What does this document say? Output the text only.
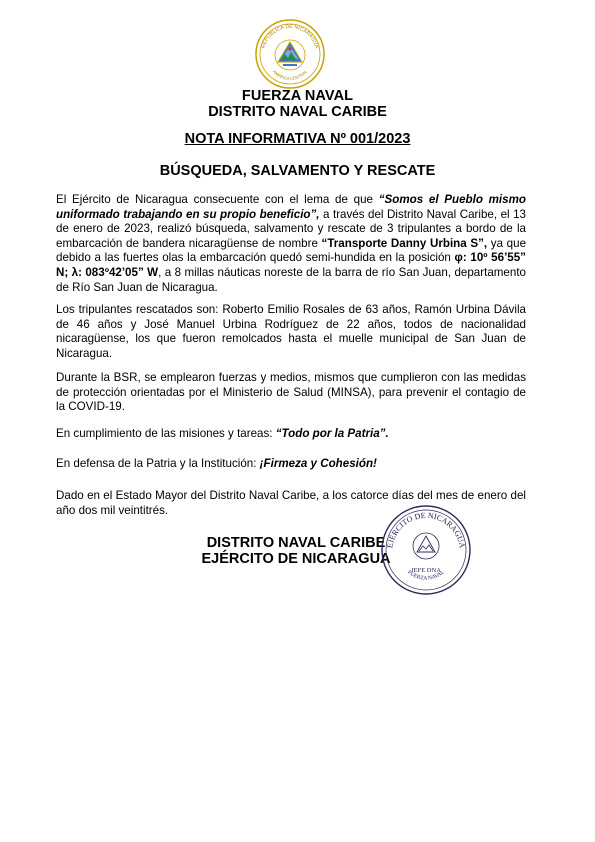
REPUBLICA DE NICARAGUA
AMERICA CENTRAL
FUERZA NAVAL
DISTRITO NAVAL CARIBE
NOTA INFORMATIVA Nº 001/2023
BÚSQUEDA, SALVAMENTO Y RESCATE
El Ejército de Nicaragua consecuente con el lema de que “Somos el Pueblo mismo uniformado trabajando en su propio beneficio”, a través del Distrito Naval Caribe, el 13 de enero de 2023, realizó búsqueda, salvamento y rescate de 3 tripulantes a bordo de la embarcación de bandera nicaragüense de nombre “Transporte Danny Urbina S”, ya que debido a las fuertes olas la embarcación quedó semi-hundida en la posición φ: 10º 56’55” N; λ: 083º42’05” W, a 8 millas náuticas noreste de la barra de río San Juan, departamento de Río San Juan de Nicaragua.
Los tripulantes rescatados son: Roberto Emilio Rosales de 63 años, Ramón Urbina Dávila de 46 años y José Manuel Urbina Rodríguez de 22 años, todos de nacionalidad nicaragüense, los que fueron remolcados hasta el muelle municipal de San Juan de Nicaragua.
Durante la BSR, se emplearon fuerzas y medios, mismos que cumplieron con las medidas de protección orientadas por el Ministerio de Salud (MINSA), para prevenir el contagio de la COVID-19.
En cumplimiento de las misiones y tareas: “Todo por la Patria”.
En defensa de la Patria y la Institución: ¡Firmeza y Cohesión!
Dado en el Estado Mayor del Distrito Naval Caribe, a los catorce días del mes de enero del año dos mil veintitrés.
DISTRITO NAVAL CARIBE
EJÉRCITO DE NICARAGUA
EJÉRCITO DE NICARAGUA
JEFE DNA
FUERZA NAVAL
